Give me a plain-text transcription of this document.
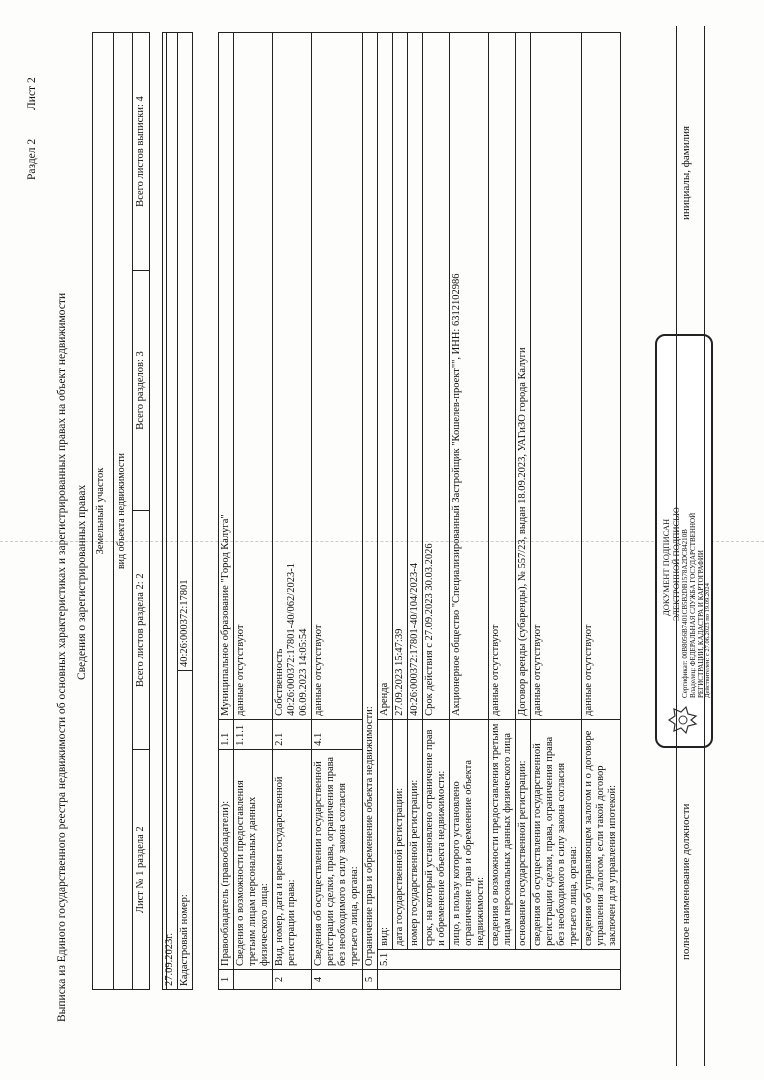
Раздел 2
Лист 2
Выписка из Единого государственного реестра недвижимости об основных характеристиках и зарегистрированных правах на объект недвижимости Сведения о зарегистрированных правах Земельный участок
вид объекта недвижимости
Лист № 1 раздела 2	Всего листов раздела 2: 2	Всего разделов: 3	Всего листов выписки: 4

27.09.2023г.
Кадастровый номер:	40:26:000372:17801
1	Правообладатель (правообладатели):		1.1	Муниципальное образование "Город Калуга"
	Сведения о возможности предоставления третьим лицам персональных данных физического лица:		1.1.1	данные отсутствуют
2	Вид, номер, дата и время государственной регистрации права:		2.1	Собственность 40:26:000372:17801-40/062/2023-1 06.09.2023 14:05:54

4	Сведения об осуществлении государственной регистрации сделки, права, ограничения права без необходимого в силу закона согласия третьего лица, органа:		4.1	данные отсутствуют
5	Ограничение прав и обременение объекта недвижимости:			
	5.1	вид:		Аренда
		дата государственной регистрации:		27.09.2023 15:47:39
		номер государственной регистрации:		40:26:000372:17801-40/104/2023-4
		срок, на который установлено ограничение прав и обременение объекта недвижимости:		Срок действия с 27.09.2023 30.03.2026
		лицо, в пользу которого установлено ограничение прав и обременение объекта недвижимости:		Акционерное общество "Специализированный Застройщик "Кошелев-проект"", ИНН: 6312102986
		сведения о возможности предоставления третьим лицам персональных данных физического лица		данные отсутствуют
		основание государственной регистрации:		Договор аренды (субаренды), № 557/23, выдан 18.09.2023, УАГиЗО города Калуги
		сведения об осуществлении государственной регистрации сделки, права, ограничения права без необходимого в силу закона согласия третьего лица, органа:		данные отсутствуют
		сведения об управляющем залогом и о договоре управления залогом, если такой договор заключен для управления ипотекой:		данные отсутствуют
ДОКУМЕНТ ПОДПИСАН ЭЛЕКТРОННОЙ ПОДПИСЬЮ Сертификат: 00B8056B7401CB5B2DB1578A2DC84210B Владелец: ФЕДЕРАЛЬНАЯ СЛУЖБА ГОСУДАРСТВЕННОЙ РЕГИСТРАЦИИ, КАДАСТРА И КАРТОГРАФИИ Действителен: с 27.06.2023 по 19.09.2024
полное наименование должности
инициалы, фамилия
